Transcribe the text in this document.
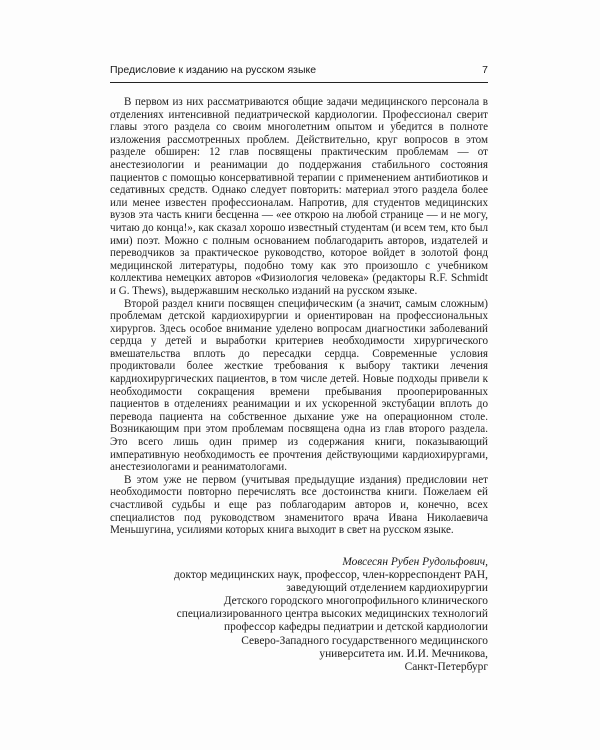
Предисловие к изданию на русском языке	7

В первом из них рассматриваются общие задачи медицинского персонала в отделениях интенсивной педиатрической кардиологии. Профессионал сверит главы этого раздела со своим многолетним опытом и убедится в полноте изложения рассмотренных проблем. Действительно, круг вопросов в этом разделе обширен: 12 глав посвящены практическим проблемам — от анестезиологии и реанимации до поддержания стабильного состояния пациентов с помощью консервативной терапии с применением антибиотиков и седативных средств. Однако следует повторить: материал этого раздела более или менее известен профессионалам. Напротив, для студентов медицинских вузов эта часть книги бесценна — «ее открою на любой странице — и не могу, читаю до конца!», как сказал хорошо известный студентам (и всем тем, кто был ими) поэт. Можно с полным основанием поблагодарить авторов, издателей и переводчиков за практическое руководство, которое войдет в золотой фонд медицинской литературы, подобно тому как это произошло с учебником коллектива немецких авторов «Физиология человека» (редакторы R.F. Schmidt и G. Thews), выдержавшим несколько изданий на русском языке.

Второй раздел книги посвящен специфическим (а значит, самым сложным) проблемам детской кардиохирургии и ориентирован на профессиональных хирургов. Здесь особое внимание уделено вопросам диагностики заболеваний сердца у детей и выработки критериев необходимости хирургического вмешательства вплоть до пересадки сердца. Современные условия продиктовали более жесткие требования к выбору тактики лечения кардиохирургических пациентов, в том числе детей. Новые подходы привели к необходимости сокращения времени пребывания прооперированных пациентов в отделениях реанимации и их ускоренной экстубации вплоть до перевода пациента на собственное дыхание уже на операционном столе. Возникающим при этом проблемам посвящена одна из глав второго раздела. Это всего лишь один пример из содержания книги, показывающий императивную необходимость ее прочтения действующими кардиохирургами, анестезиологами и реаниматологами.

В этом уже не первом (учитывая предыдущие издания) предисловии нет необходимости повторно перечислять все достоинства книги. Пожелаем ей счастливой судьбы и еще раз поблагодарим авторов и, конечно, всех специалистов под руководством знаменитого врача Ивана Николаевича Меньшугина, усилиями которых книга выходит в свет на русском языке.

Мовсесян Рубен Рудольфович,
доктор медицинских наук, профессор, член-корреспондент РАН,
заведующий отделением кардиохирургии
Детского городского многопрофильного клинического
специализированного центра высоких медицинских технологий
профессор кафедры педиатрии и детской кардиологии
Северо-Западного государственного медицинского
университета им. И.И. Мечникова,
Санкт-Петербург
